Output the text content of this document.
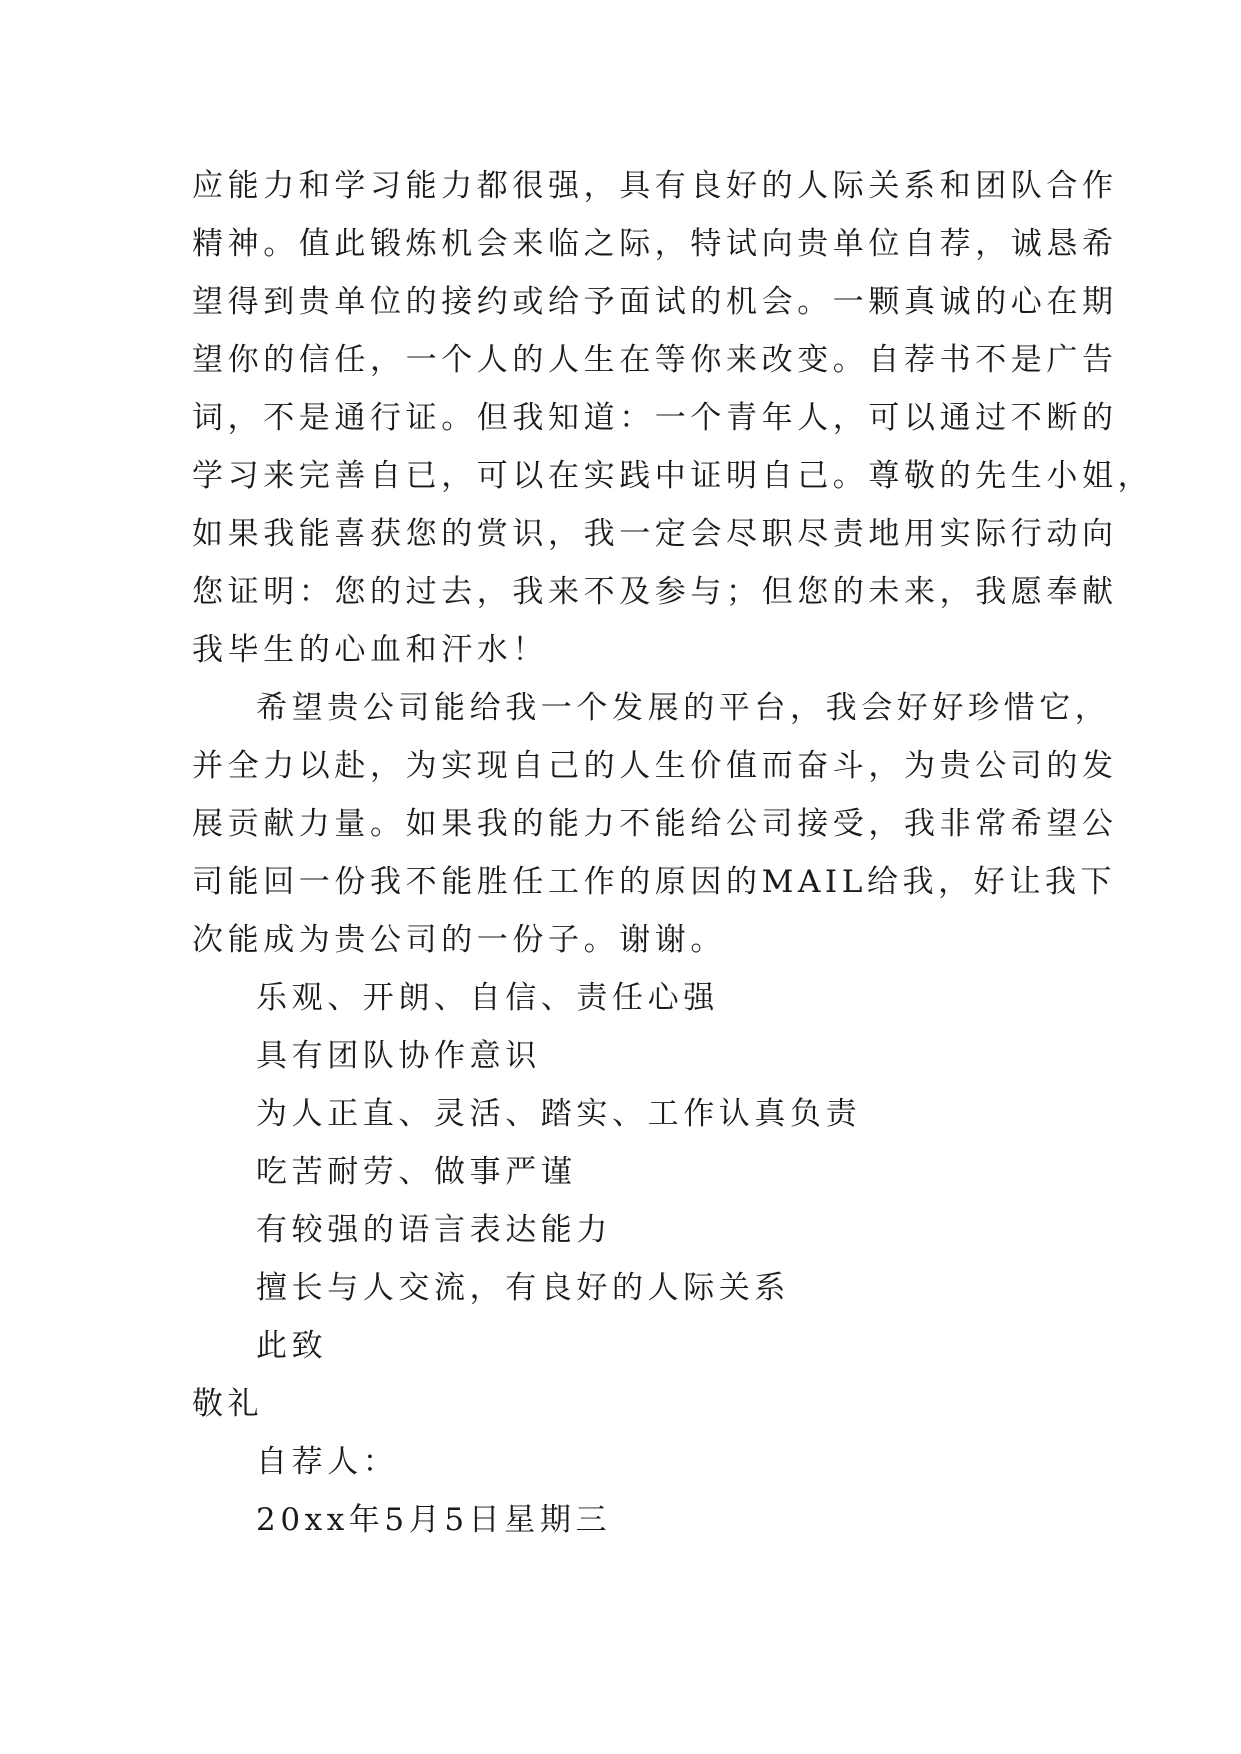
应能力和学习能力都很强，具有良好的人际关系和团队合作
精神。值此锻炼机会来临之际，特试向贵单位自荐，诚恳希
望得到贵单位的接约或给予面试的机会。一颗真诚的心在期
望你的信任，一个人的人生在等你来改变。自荐书不是广告
词，不是通行证。但我知道：一个青年人，可以通过不断的
学习来完善自已，可以在实践中证明自己。尊敬的先生小姐，
如果我能喜获您的赏识，我一定会尽职尽责地用实际行动向
您证明：您的过去，我来不及参与；但您的未来，我愿奉献
我毕生的心血和汗水！
希望贵公司能给我一个发展的平台，我会好好珍惜它，
并全力以赴，为实现自己的人生价值而奋斗，为贵公司的发
展贡献力量。如果我的能力不能给公司接受，我非常希望公
司能回一份我不能胜任工作的原因的MAIL给我，好让我下
次能成为贵公司的一份子。谢谢。
乐观、开朗、自信、责任心强
具有团队协作意识
为人正直、灵活、踏实、工作认真负责
吃苦耐劳、做事严谨
有较强的语言表达能力
擅长与人交流，有良好的人际关系
此致
敬礼
自荐人：
20xx年5月5日星期三
